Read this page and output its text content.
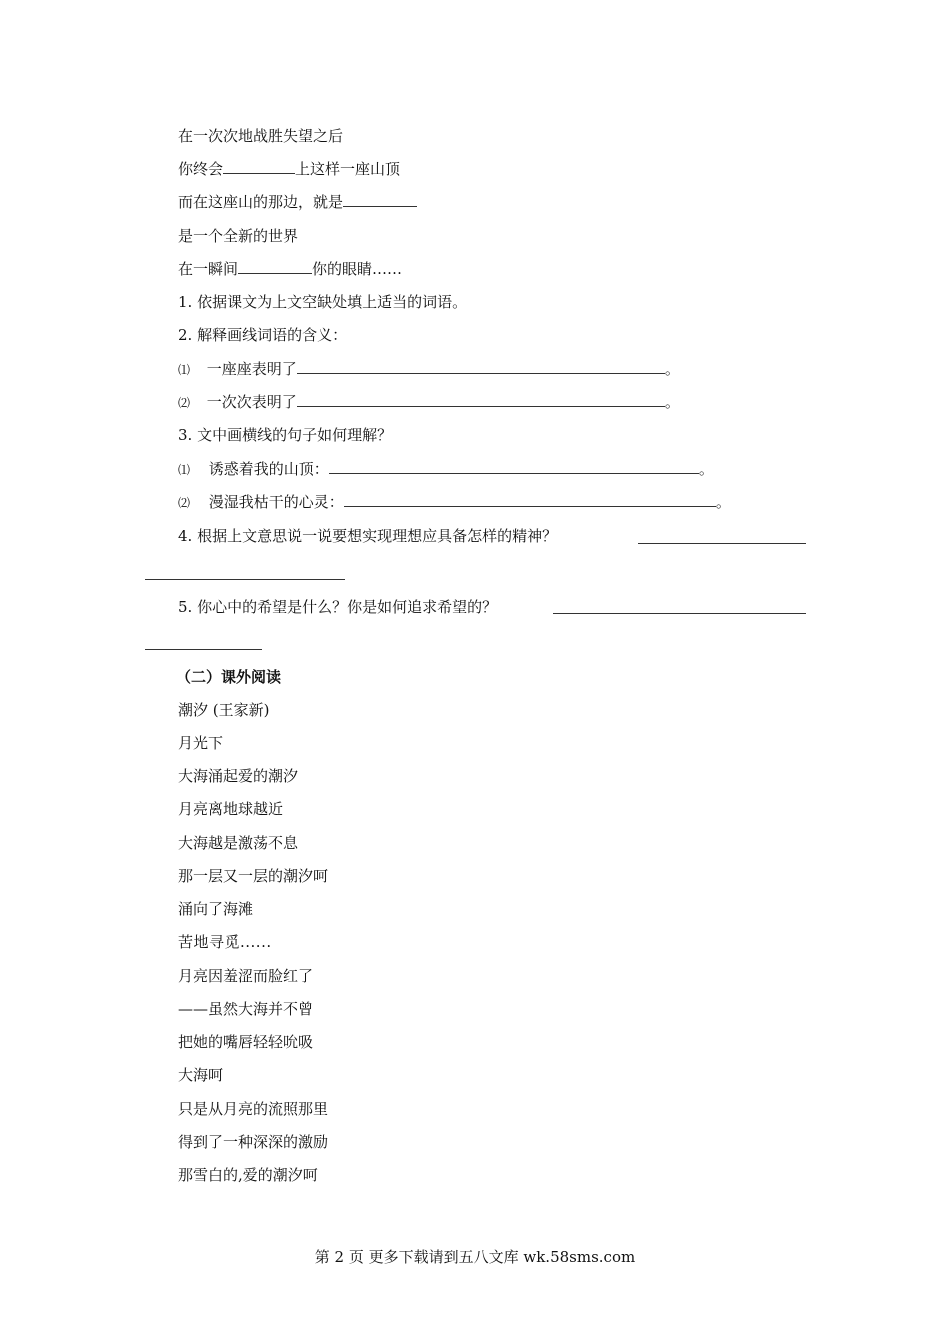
在一次次地战胜失望之后
你终会	上这样一座山顶
而在这座山的那边，就是
是一个全新的世界
在一瞬间	你的眼睛……
1. 依据课文为上文空缺处填上适当的词语。
2. 解释画线词语的含义：
⑴ 一座座表明了	。
⑵ 一次次表明了	。
3. 文中画横线的句子如何理解？
⑴ 诱惑着我的山顶：	。
⑵ 漫湿我枯干的心灵：	。
4. 根据上文意思说一说要想实现理想应具备怎样的精神？
5. 你心中的希望是什么？你是如何追求希望的？
（二）课外阅读
潮汐 (王家新)
月光下
大海涌起爱的潮汐
月亮离地球越近
大海越是激荡不息
那一层又一层的潮汐呵
涌向了海滩
苦地寻觅......
月亮因羞涩而脸红了
——虽然大海并不曾
把她的嘴唇轻轻吮吸
大海呵
只是从月亮的流照那里
得到了一种深深的激励
那雪白的,爱的潮汐呵
第 2 页 更多下载请到五八文库 wk.58sms.com
